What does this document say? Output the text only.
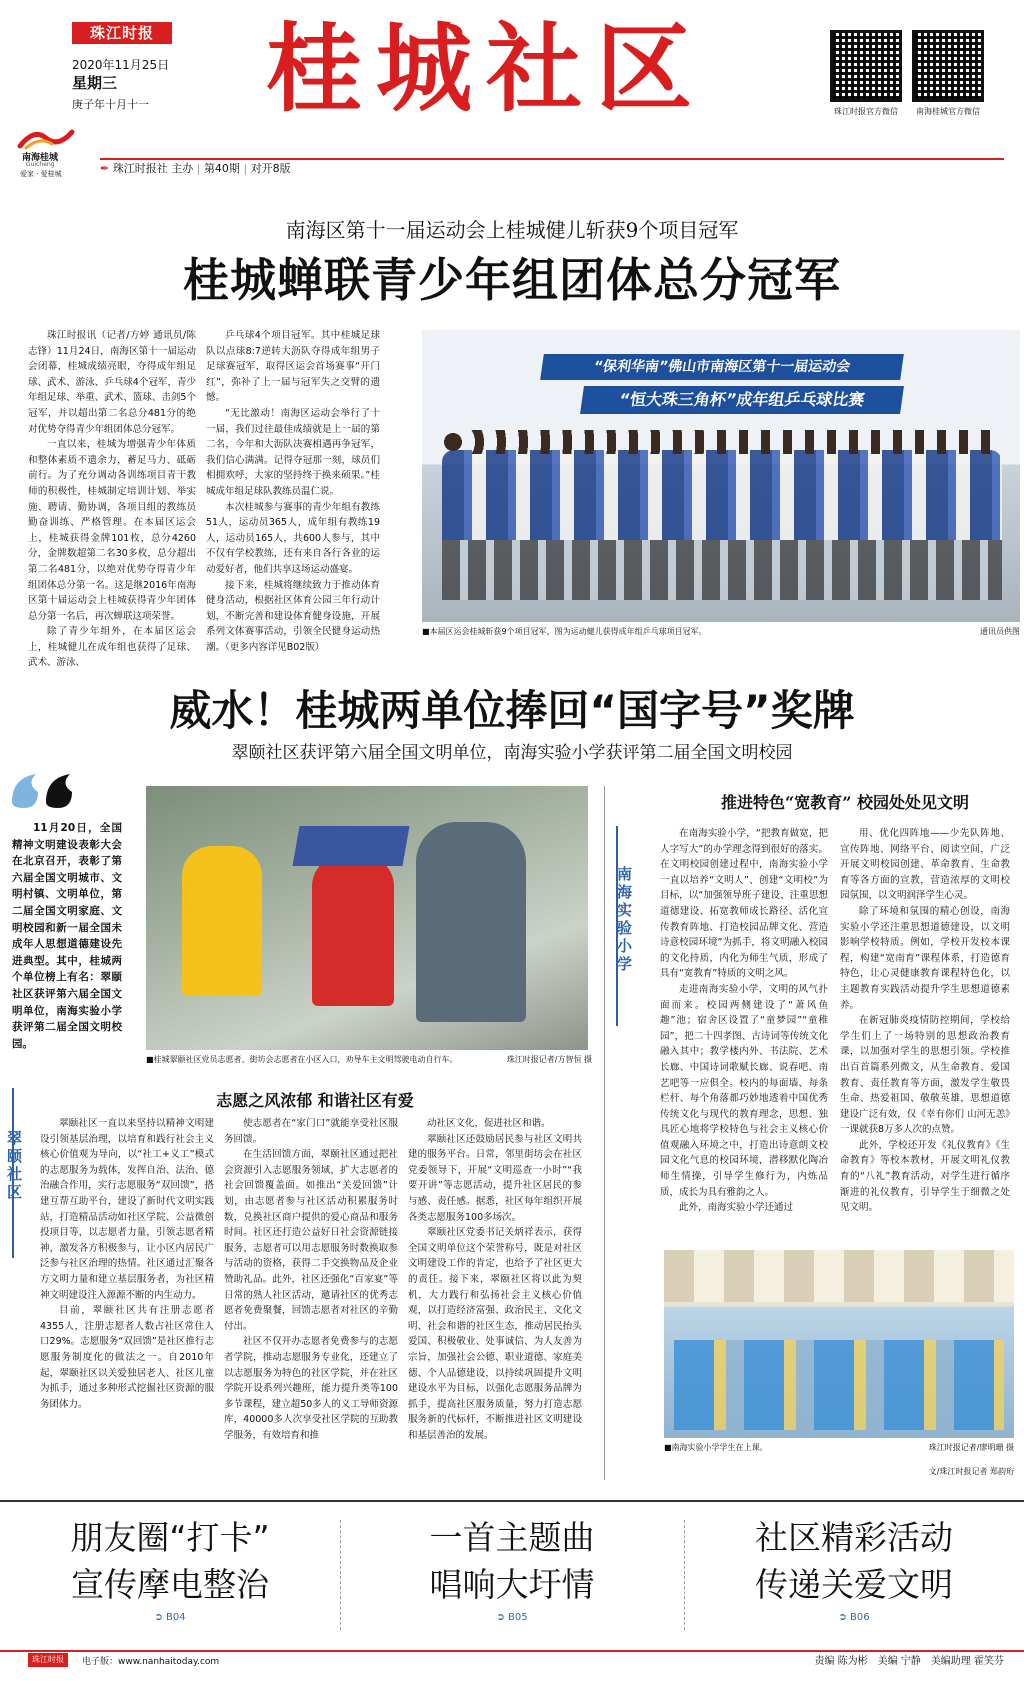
珠江时报
2020年11月25日
星期三
庚子年十月十一 桂城社区	珠江时报官方微信	南海桂城官方微信
南海桂城
Guicheng
爱家 · 爱桂城	✒ 珠江时报社 主办 | 第40期 | 对开8版
南海区第十一届运动会上桂城健儿斩获9个项目冠军
桂城蝉联青少年组团体总分冠军

珠江时报讯（记者/方婷 通讯员/陈志锋）11月24日，南海区第十一届运动会闭幕，桂城成绩亮眼，夺得成年组足球、武术、游泳、乒乓球4个冠军，青少年组足球、举重、武术、篮球、击剑5个冠军，并以超出第二名总分481分的绝对优势夺得青少年组团体总分冠军。

一直以来，桂城为增强青少年体质和整体素质不遗余力，蓄足马力、砥砺前行。为了充分调动各训练项目青干教师的积极性，桂城制定培训计划、举实施、聘请、勤协调，各项目组的教练员勤奋训练、严格管理。在本届区运会上，桂城获得金牌101枚，总分4260分，金牌数超第二名30多枚，总分超出第二名481分，以绝对优势夺得青少年组团体总分第一名。这是继2016年南海区第十届运动会上桂城获得青少年团体总分第一名后，再次蝉联这项荣誉。

除了青少年组外，在本届区运会上，桂城健儿在成年组也获得了足球、武术、游泳、

乒乓球4个项目冠军。其中桂城足球队以点球8:7逆转大沥队夺得成年组男子足球赛冠军，取得区运会首场赛事“开门红”，弥补了上一届与冠军失之交臂的遗憾。

“无比激动！南海区运动会举行了十一届，我们过往最佳成绩就是上一届的第二名，今年和大沥队决赛相遇再争冠军，我们信心满满。记得夺冠那一刻，球员们相拥欢呼，大家的坚持终于换来硕果。”桂城成年组足球队教练员温仁说。

本次桂城参与赛事的青少年组有教练51人，运动员365人，成年组有教练19人，运动员165人，共600人参与，其中不仅有学校教练，还有来自各行各业的运动爱好者，他们共享这场运动盛宴。

接下来，桂城将继续致力于推动体育健身活动，根据社区体育公园三年行动计划，不断完善和建设体育健身设施，开展系列文体赛事活动，引领全民健身运动热潮。（更多内容详见B02版）

“保利华南”佛山市南海区第十一届运动会
“恒大珠三角杯”成年组乒乓球比赛
■本届区运会桂城斩获9个项目冠军，图为运动健儿获得成年组乒乓球项目冠军。	通讯员供图
威水！桂城两单位捧回“国字号”奖牌
翠颐社区获评第六届全国文明单位，南海实验小学获评第二届全国文明校园
11月20日，全国精神文明建设表彰大会在北京召开，表彰了第六届全国文明城市、文明村镇、文明单位，第二届全国文明家庭、文明校园和新一届全国未成年人思想道德建设先进典型。其中，桂城两个单位榜上有名：翠颐社区获评第六届全国文明单位，南海实验小学获评第二届全国文明校园。
■桂城翠颐社区党员志愿者、街坊会志愿者在小区入口，劝导车主文明驾驶电动自行车。	珠江时报记者/方智恒 摄
翠颐社区
志愿之风浓郁 和谐社区有爱

翠颐社区一直以来坚持以精神文明建设引领基层治理，以培育和践行社会主义核心价值观为导向，以“社工+义工”模式的志愿服务为载体，发挥自治、法治、德治融合作用，实行志愿服务“双回馈”，搭建互帮互助平台，建设了新时代文明实践站，打造精品活动如社区学院、公益微创投项目等，以志愿者力量，引领志愿者精神，激发各方积极参与，让小区内居民广泛参与社区治理的热情。社区通过汇聚各方文明力量和建立基层服务者，为社区精神文明建设注入源源不断的内生动力。

目前，翠颐社区共有注册志愿者4355人，注册志愿者人数占社区常住人口29%。志愿服务“双回馈”是社区推行志愿服务制度化的做法之一。自2010年起，翠颐社区以关爱独居老人、社区儿童为抓手，通过多种形式挖掘社区资源的服务团体力。

使志愿者在“家门口”就能享受社区服务回馈。

在生活回馈方面，翠颐社区通过把社会资源引入志愿服务领域，扩大志愿者的社会回馈覆盖面。如推出“关爱回馈”计划，由志愿者参与社区活动积累服务时数，兑换社区商户提供的爱心商品和服务时间。社区还打造公益好日社会资源链接服务，志愿者可以用志愿服务时数换取参与活动的资格，获得二手交换物品及企业赞助礼品。此外，社区还强化“百家宴”等日常的熟人社区活动，邀请社区的优秀志愿者免费聚餐，回馈志愿者对社区的辛勤付出。

社区不仅开办志愿者免费参与的志愿者学院，推动志愿服务专业化，还建立了以志愿服务为特色的社区学院，并在社区学院开设系列兴趣班，能力提升类等100多节课程，建立超50多人的义工导师资源库，40000多人次享受社区学院的互助教学服务，有效培育和推

动社区文化，促进社区和谐。

翠颐社区还鼓励居民参与社区文明共建的服务平台。日常，邻里街坊会在社区党委领导下，开展“文明巡查一小时”“我要开讲”等志愿活动，提升社区居民的参与感、责任感。据悉，社区每年组织开展各类志愿服务100多场次。

翠颐社区党委书记关炳祥表示，获得全国文明单位这个荣誉称号，既是对社区文明建设工作的肯定，也给予了社区更大的责任。接下来，翠颐社区将以此为契机，大力践行和弘扬社会主义核心价值观，以打造经济富强、政治民主、文化文明、社会和谐的社区生态，推动居民抬头爱国、积极敬业、处事诚信、为人友善为宗旨，加强社会公德、职业道德、家庭美德、个人品德建设，以持续巩固提升文明建设水平为目标，以强化志愿服务品牌为抓手，提高社区服务质量，努力打造志愿服务新的代标杆，不断推进社区文明建设和基层善治的发展。

南海实验小学
推进特色“宽教育” 校园处处见文明

在南海实验小学，“把教育做宽，把人字写大”的办学理念得到很好的落实。在文明校园创建过程中，南海实验小学一直以培养“文明人”、创建“文明校”为目标，以“加强领导班子建设、注重思想道德建设、拓宽教师成长路径、活化宣传教育阵地、打造校园品牌文化、营造诗意校园环境”为抓手，将文明融入校园的文化持质，内化为师生气质，形成了具有“宽教育”特质的文明之风。

走进南海实验小学，文明的风气扑面而来。校园两侧建设了“萧风鱼趣”池；宿舍区设置了“童梦园”“童稚园”，把二十四孝图、古诗词等传统文化融入其中；教学楼内外、书法院、艺术长廊、中国诗词歌赋长廊、说春吧、南艺吧等一应俱全。校内的每面墙、每条栏杆、每个角落都巧妙地透着中国优秀传统文化与现代的教育理念，思想、独具匠心地将学校特色与社会主义核心价值观融入环境之中，打造出诗意朗文校园文化气息的校园环境，潜移默化陶冶师生情操，引导学生修行为，内炼品质，成长为具有雅韵之人。

此外，南海实验小学还通过

用、优化四阵地——少先队阵地、宣传阵地、网络平台、阅读空间，广泛开展文明校园创建、革命教育、生命教育等各方面的宣教，营造浓厚的文明校园氛围，以文明润泽学生心灵。

除了环境和氛围的精心创设，南海实验小学还注重思想道德建设，以文明影响学校特质。例如，学校开发校本课程，构建“宽南育”课程体系，打造德育特色，让心灵健康教育课程特色化，以主题教育实践活动提升学生思想道德素养。

在新冠肺炎疫情防控期间，学校给学生们上了一场特别的思想政治教育课，以加强对学生的思想引领。学校推出百首篇系列微文，从生命教育、爱国教育、责任教育等方面，激发学生敬畏生命、热爱祖国、敬敬英雄，思想道德建设广泛有效，仅《幸有你们 山河无恙》一课就获8万多人次的点赞。

此外，学校还开发《礼仪教育》《生命教育》等校本教材，开展文明礼仪教育的“八礼”教育活动，对学生进行循序渐进的礼仪教育，引导学生于细微之处见文明。

■南海实验小学学生在上课。	珠江时报记者/廖明珊 摄
文/珠江时报记者 郑韵珩
朋友圈“打卡”
宣传摩电整治
➲ B04
一首主题曲
唱响大圩情
➲ B05
社区精彩活动
传递关爱文明
➲ B06
珠江时报	电子版：www.nanhaitoday.com	责编 陈为彬　美编 宁静　美编助理 霍笑芬
